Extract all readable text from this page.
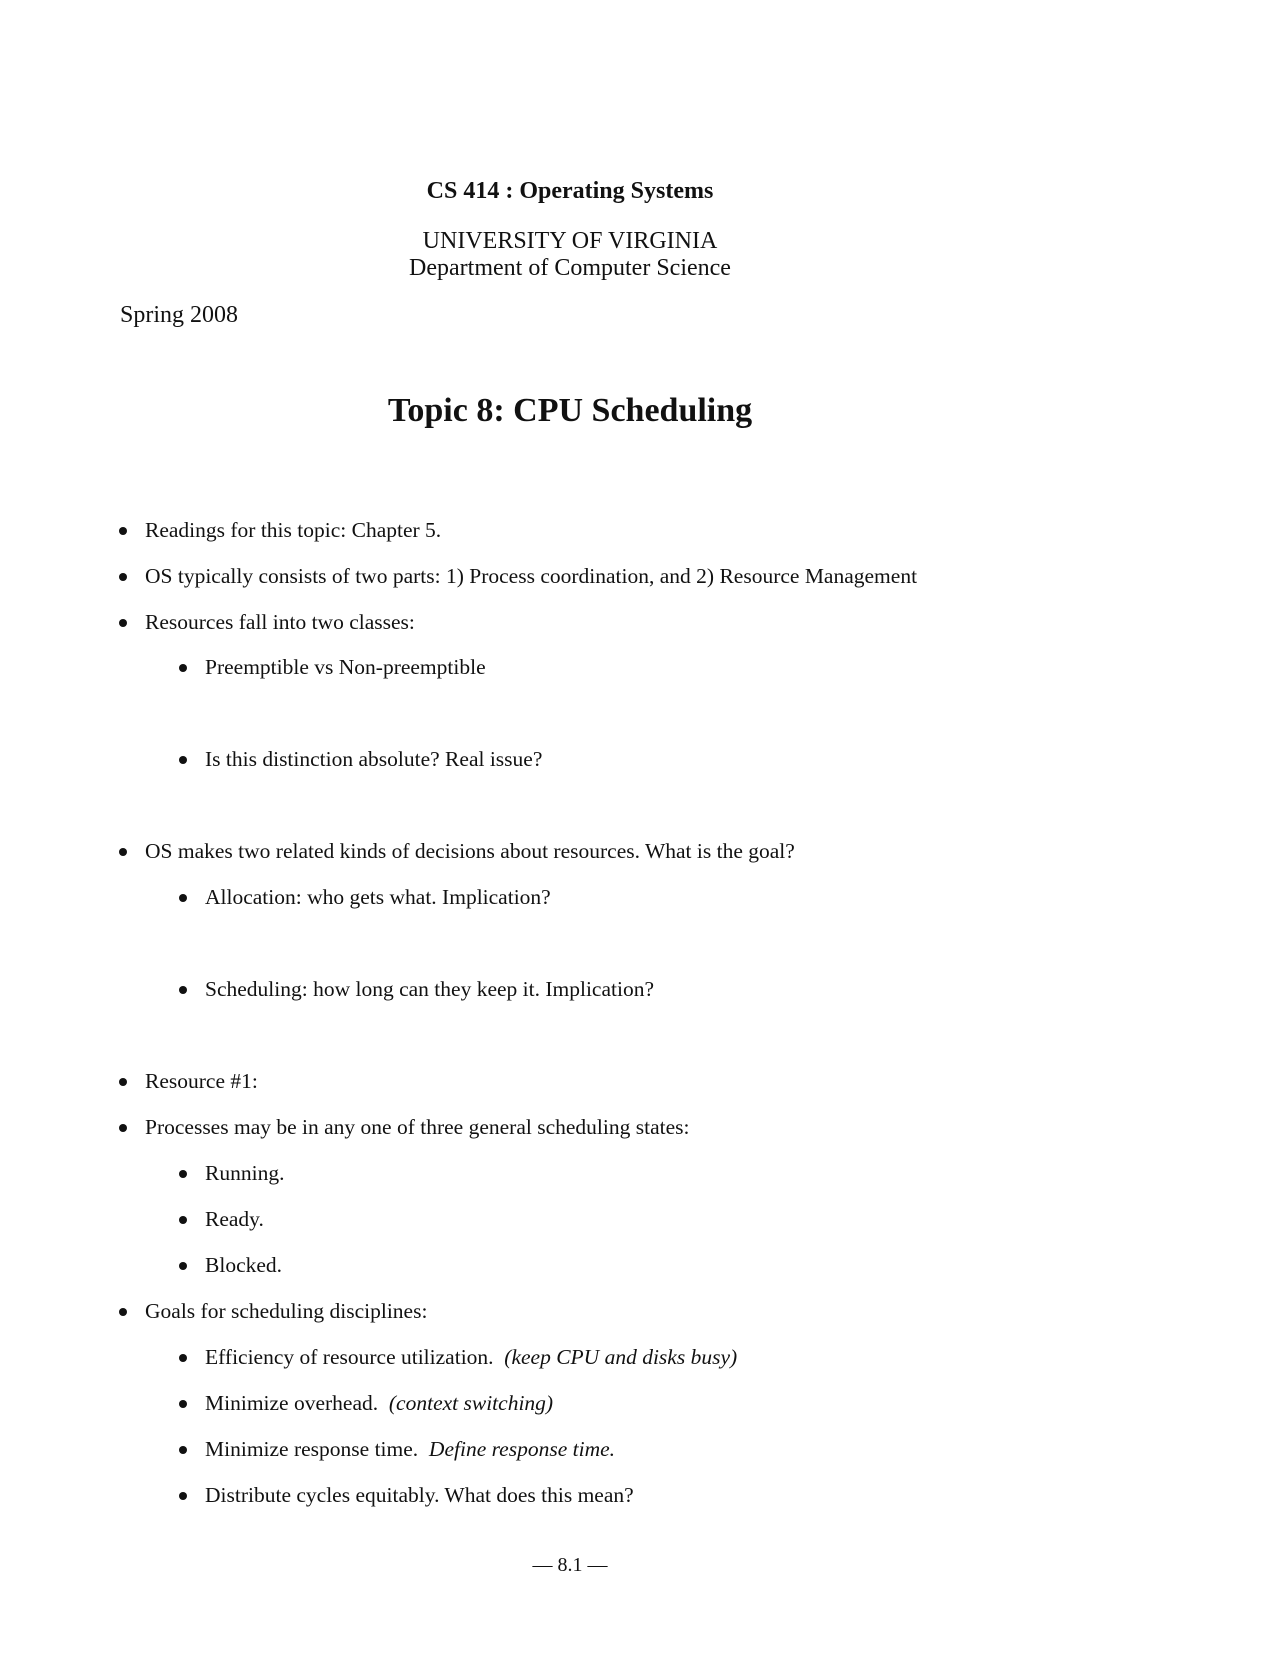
CS 414 : Operating Systems
UNIVERSITY OF VIRGINIA
Department of Computer Science
Spring 2008
Topic 8: CPU Scheduling
Readings for this topic: Chapter 5.
OS typically consists of two parts: 1) Process coordination, and 2) Resource Management
Resources fall into two classes:
Preemptible vs Non-preemptible
Is this distinction absolute? Real issue?
OS makes two related kinds of decisions about resources. What is the goal?
Allocation: who gets what. Implication?
Scheduling: how long can they keep it. Implication?
Resource #1:
Processes may be in any one of three general scheduling states:
Running.
Ready.
Blocked.
Goals for scheduling disciplines:
Efficiency of resource utilization. (keep CPU and disks busy)
Minimize overhead. (context switching)
Minimize response time. Define response time.
Distribute cycles equitably. What does this mean?
— 8.1 —
